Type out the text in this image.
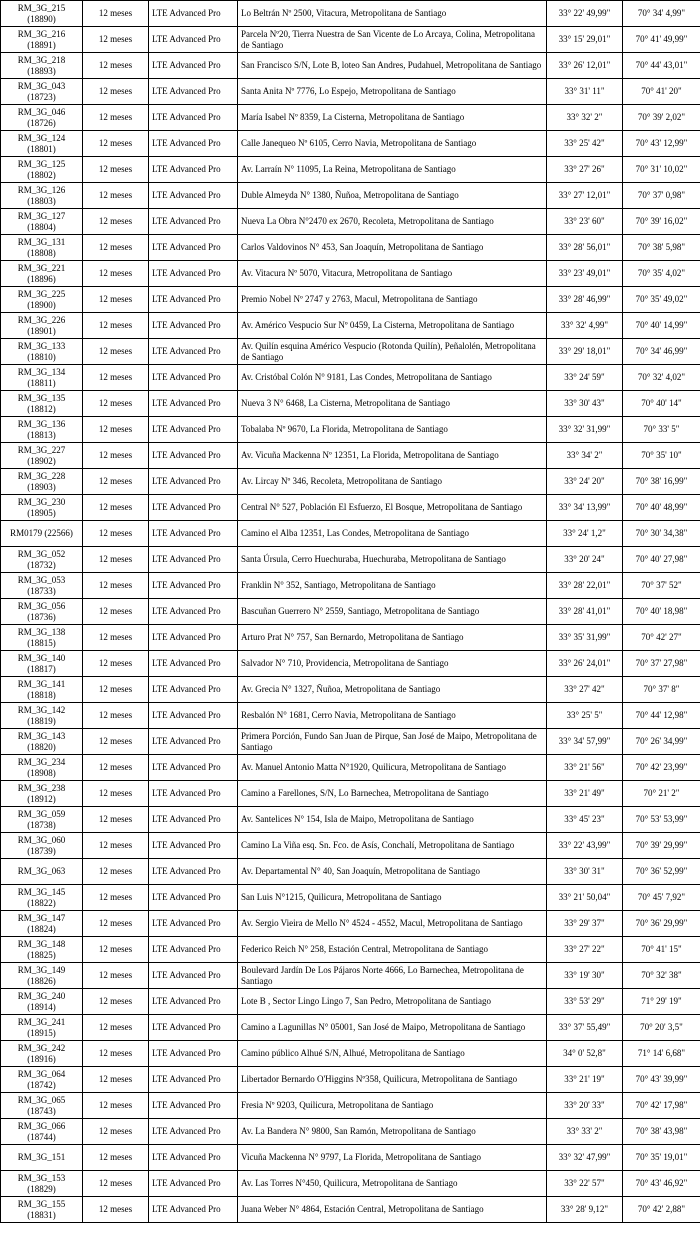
RM_3G_215 (18890)	12 meses	LTE Advanced Pro	Lo Beltrán Nº 2500, Vitacura, Metropolitana de Santiago	33° 22' 49,99"	70° 34' 4,99"
RM_3G_216 (18891)	12 meses	LTE Advanced Pro	Parcela Nº20, Tierra Nuestra de San Vicente de Lo Arcaya, Colina, Metropolitana de Santiago	33° 15' 29,01"	70° 41' 49,99"
RM_3G_218 (18893)	12 meses	LTE Advanced Pro	San Francisco S/N, Lote B, loteo San Andres, Pudahuel, Metropolitana de Santiago	33° 26' 12,01"	70° 44' 43,01"
RM_3G_043 (18723)	12 meses	LTE Advanced Pro	Santa Anita Nº 7776, Lo Espejo, Metropolitana de Santiago	33° 31' 11"	70° 41' 20"
RM_3G_046 (18726)	12 meses	LTE Advanced Pro	María Isabel Nº 8359, La Cisterna, Metropolitana de Santiago	33° 32' 2"	70° 39' 2,02"
RM_3G_124 (18801)	12 meses	LTE Advanced Pro	Calle Janequeo Nº 6105, Cerro Navia, Metropolitana de Santiago	33° 25' 42"	70° 43' 12,99"
RM_3G_125 (18802)	12 meses	LTE Advanced Pro	Av. Larraín N° 11095, La Reina, Metropolitana de Santiago	33° 27' 26"	70° 31' 10,02"
RM_3G_126 (18803)	12 meses	LTE Advanced Pro	Duble Almeyda N° 1380, Ñuñoa, Metropolitana de Santiago	33° 27' 12,01"	70° 37' 0,98"
RM_3G_127 (18804)	12 meses	LTE Advanced Pro	Nueva La Obra N°2470 ex 2670, Recoleta, Metropolitana de Santiago	33° 23' 60"	70° 39' 16,02"
RM_3G_131 (18808)	12 meses	LTE Advanced Pro	Carlos Valdovinos N° 453, San Joaquín, Metropolitana de Santiago	33° 28' 56,01"	70° 38' 5,98"
RM_3G_221 (18896)	12 meses	LTE Advanced Pro	Av. Vitacura Nº 5070, Vitacura, Metropolitana de Santiago	33° 23' 49,01"	70° 35' 4,02"
RM_3G_225 (18900)	12 meses	LTE Advanced Pro	Premio Nobel Nº 2747 y 2763, Macul, Metropolitana de Santiago	33° 28' 46,99"	70° 35' 49,02"
RM_3G_226 (18901)	12 meses	LTE Advanced Pro	Av. Américo Vespucio Sur Nº 0459, La Cisterna, Metropolitana de Santiago	33° 32' 4,99"	70° 40' 14,99"
RM_3G_133 (18810)	12 meses	LTE Advanced Pro	Av. Quilín esquina Américo Vespucio (Rotonda Quilín), Peñalolén, Metropolitana de Santiago	33° 29' 18,01"	70° 34' 46,99"
RM_3G_134 (18811)	12 meses	LTE Advanced Pro	Av. Cristóbal Colón N° 9181, Las Condes, Metropolitana de Santiago	33° 24' 59"	70° 32' 4,02"
RM_3G_135 (18812)	12 meses	LTE Advanced Pro	Nueva 3 N° 6468, La Cisterna, Metropolitana de Santiago	33° 30' 43"	70° 40' 14"
RM_3G_136 (18813)	12 meses	LTE Advanced Pro	Tobalaba Nº 9670, La Florida, Metropolitana de Santiago	33° 32' 31,99"	70° 33' 5"
RM_3G_227 (18902)	12 meses	LTE Advanced Pro	Av. Vicuña Mackenna Nº 12351, La Florida, Metropolitana de Santiago	33° 34' 2"	70° 35' 10"
RM_3G_228 (18903)	12 meses	LTE Advanced Pro	Av. Lircay Nº 346, Recoleta, Metropolitana de Santiago	33° 24' 20"	70° 38' 16,99"
RM_3G_230 (18905)	12 meses	LTE Advanced Pro	Central N° 527, Población El Esfuerzo, El Bosque, Metropolitana de Santiago	33° 34' 13,99"	70° 40' 48,99"
RM0179 (22566)	12 meses	LTE Advanced Pro	Camino el Alba 12351, Las Condes, Metropolitana de Santiago	33° 24' 1,2"	70° 30' 34,38"
RM_3G_052 (18732)	12 meses	LTE Advanced Pro	Santa Úrsula, Cerro Huechuraba, Huechuraba, Metropolitana de Santiago	33° 20' 24"	70° 40' 27,98"
RM_3G_053 (18733)	12 meses	LTE Advanced Pro	Franklin N° 352, Santiago, Metropolitana de Santiago	33° 28' 22,01"	70° 37' 52"
RM_3G_056 (18736)	12 meses	LTE Advanced Pro	Bascuñan Guerrero N° 2559, Santiago, Metropolitana de Santiago	33° 28' 41,01"	70° 40' 18,98"
RM_3G_138 (18815)	12 meses	LTE Advanced Pro	Arturo Prat N° 757, San Bernardo, Metropolitana de Santiago	33° 35' 31,99"	70° 42' 27"
RM_3G_140 (18817)	12 meses	LTE Advanced Pro	Salvador N° 710, Providencia, Metropolitana de Santiago	33° 26' 24,01"	70° 37' 27,98"
RM_3G_141 (18818)	12 meses	LTE Advanced Pro	Av. Grecia N° 1327, Ñuñoa, Metropolitana de Santiago	33° 27' 42"	70° 37' 8"
RM_3G_142 (18819)	12 meses	LTE Advanced Pro	Resbalón N° 1681, Cerro Navia, Metropolitana de Santiago	33° 25' 5"	70° 44' 12,98"
RM_3G_143 (18820)	12 meses	LTE Advanced Pro	Primera Porción, Fundo San Juan de Pirque, San José de Maipo, Metropolitana de Santiago	33° 34' 57,99"	70° 26' 34,99"
RM_3G_234 (18908)	12 meses	LTE Advanced Pro	Av. Manuel Antonio Matta N°1920, Quilicura, Metropolitana de Santiago	33° 21' 56"	70° 42' 23,99"
RM_3G_238 (18912)	12 meses	LTE Advanced Pro	Camino a Farellones, S/N, Lo Barnechea, Metropolitana de Santiago	33° 21' 49"	70° 21' 2"
RM_3G_059 (18738)	12 meses	LTE Advanced Pro	Av. Santelices N° 154, Isla de Maipo, Metropolitana de Santiago	33° 45' 23"	70° 53' 53,99"
RM_3G_060 (18739)	12 meses	LTE Advanced Pro	Camino La Viña esq. Sn. Fco. de Asís, Conchalí, Metropolitana de Santiago	33° 22' 43,99"	70° 39' 29,99"
RM_3G_063	12 meses	LTE Advanced Pro	Av. Departamental N° 40, San Joaquín, Metropolitana de Santiago	33° 30' 31"	70° 36' 52,99"
RM_3G_145 (18822)	12 meses	LTE Advanced Pro	San Luis N°1215, Quilicura, Metropolitana de Santiago	33° 21' 50,04"	70° 45' 7,92"
RM_3G_147 (18824)	12 meses	LTE Advanced Pro	Av. Sergio Vieira de Mello N° 4524 - 4552, Macul, Metropolitana de Santiago	33° 29' 37"	70° 36' 29,99"
RM_3G_148 (18825)	12 meses	LTE Advanced Pro	Federico Reich N° 258, Estación Central, Metropolitana de Santiago	33° 27' 22"	70° 41' 15"
RM_3G_149 (18826)	12 meses	LTE Advanced Pro	Boulevard Jardín De Los Pájaros Norte 4666, Lo Barnechea, Metropolitana de Santiago	33° 19' 30"	70° 32' 38"
RM_3G_240 (18914)	12 meses	LTE Advanced Pro	Lote B , Sector Lingo Lingo 7, San Pedro, Metropolitana de Santiago	33° 53' 29"	71° 29' 19"
RM_3G_241 (18915)	12 meses	LTE Advanced Pro	Camino a Lagunillas N° 05001, San José de Maipo, Metropolitana de Santiago	33° 37' 55,49"	70° 20' 3,5"
RM_3G_242 (18916)	12 meses	LTE Advanced Pro	Camino público Alhué S/N, Alhué, Metropolitana de Santiago	34° 0' 52,8"	71° 14' 6,68"
RM_3G_064 (18742)	12 meses	LTE Advanced Pro	Libertador Bernardo O'Higgins Nº358, Quilicura, Metropolitana de Santiago	33° 21' 19"	70° 43' 39,99"
RM_3G_065 (18743)	12 meses	LTE Advanced Pro	Fresia Nº 9203, Quilicura, Metropolitana de Santiago	33° 20' 33"	70° 42' 17,98"
RM_3G_066 (18744)	12 meses	LTE Advanced Pro	Av. La Bandera N° 9800, San Ramón, Metropolitana de Santiago	33° 33' 2"	70° 38' 43,98"
RM_3G_151	12 meses	LTE Advanced Pro	Vicuña Mackenna N° 9797, La Florida, Metropolitana de Santiago	33° 32' 47,99"	70° 35' 19,01"
RM_3G_153 (18829)	12 meses	LTE Advanced Pro	Av. Las Torres N°450, Quilicura, Metropolitana de Santiago	33° 22' 57"	70° 43' 46,92"
RM_3G_155 (18831)	12 meses	LTE Advanced Pro	Juana Weber N° 4864, Estación Central, Metropolitana de Santiago	33° 28' 9,12"	70° 42' 2,88"
